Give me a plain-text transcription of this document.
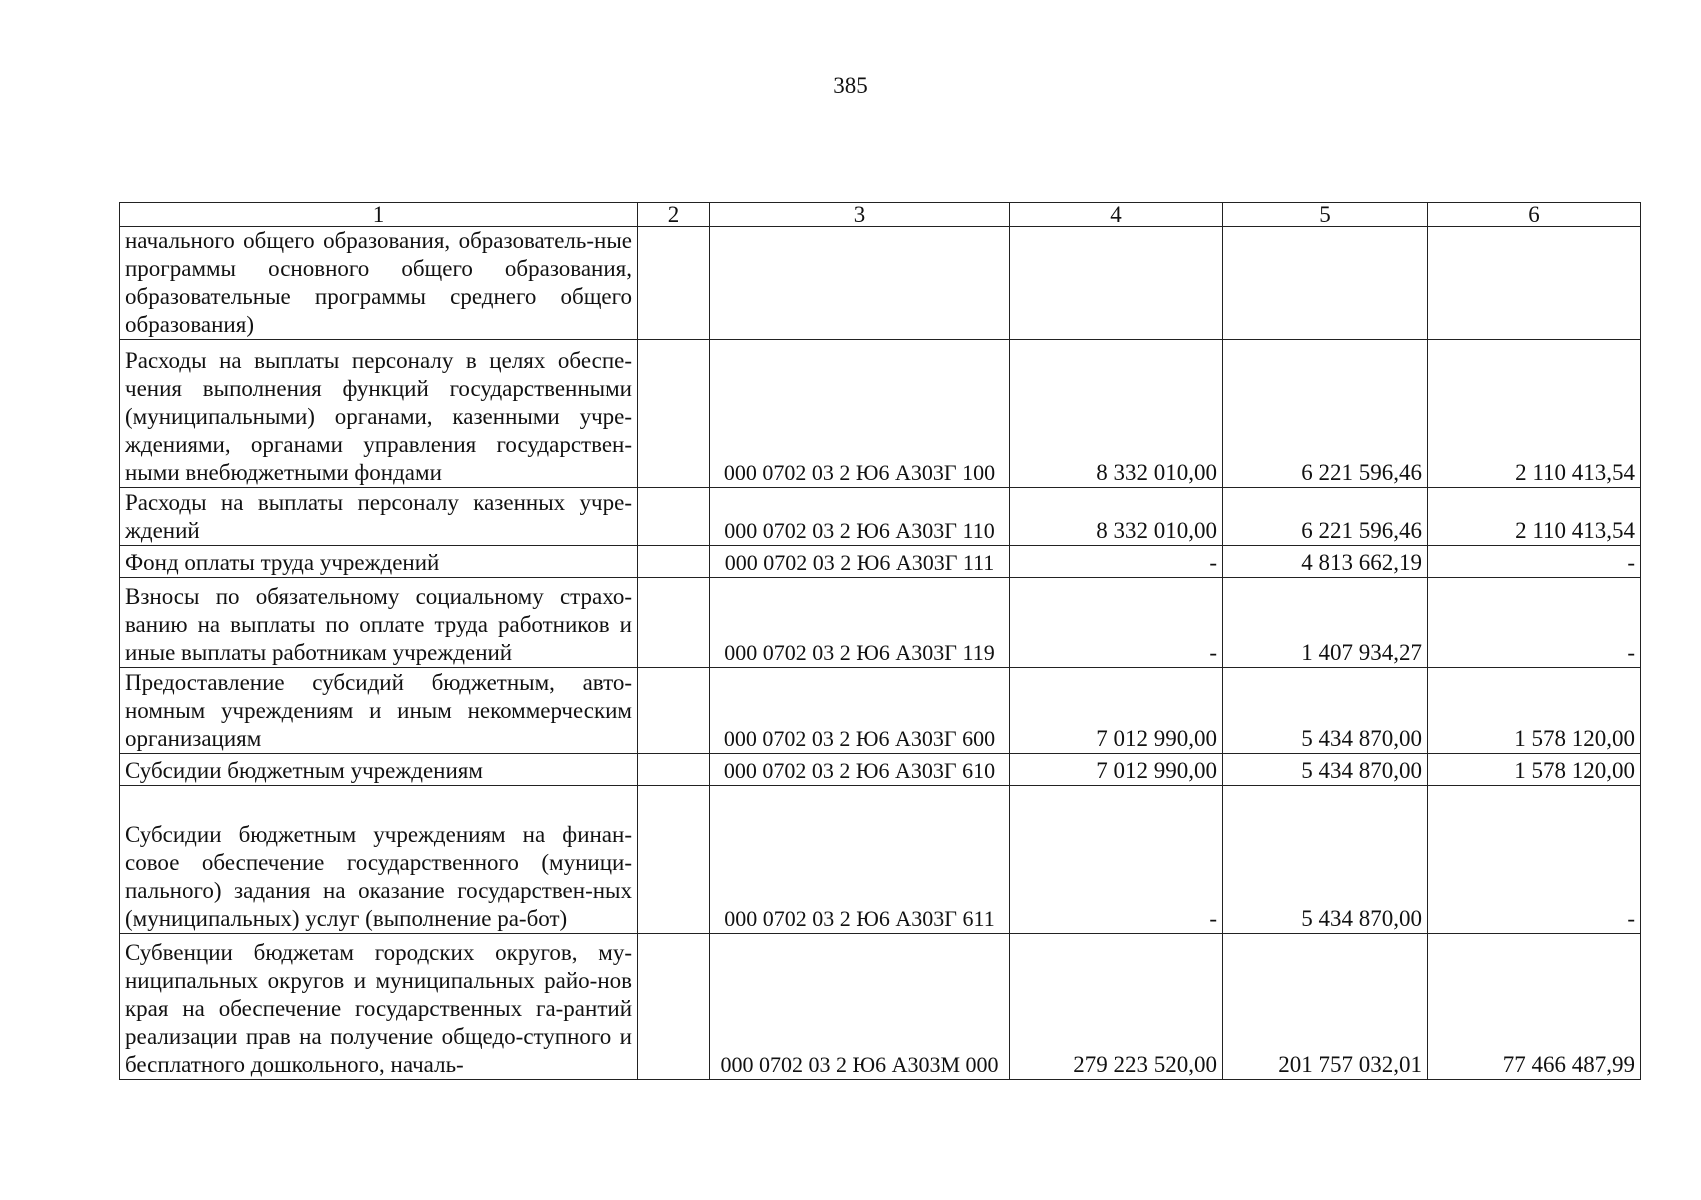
385
1	2	3	4	5	6
начального общего образования, образователь-ные программы основного общего образования, образовательные программы среднего общего образования)					
Расходы на выплаты персоналу в целях обеспе-чения выполнения функций государственными (муниципальными) органами, казенными учре-ждениями, органами управления государствен-ными внебюджетными фондами		000 0702 03 2 Ю6 А303Г 100	8 332 010,00	6 221 596,46	2 110 413,54
Расходы на выплаты персоналу казенных учре-ждений		000 0702 03 2 Ю6 А303Г 110	8 332 010,00	6 221 596,46	2 110 413,54
Фонд оплаты труда учреждений		000 0702 03 2 Ю6 А303Г 111	-	4 813 662,19	-
Взносы по обязательному социальному страхо-ванию на выплаты по оплате труда работников и иные выплаты работникам учреждений		000 0702 03 2 Ю6 А303Г 119	-	1 407 934,27	-
Предоставление субсидий бюджетным, авто-номным учреждениям и иным некоммерческим организациям		000 0702 03 2 Ю6 А303Г 600	7 012 990,00	5 434 870,00	1 578 120,00
Субсидии бюджетным учреждениям		000 0702 03 2 Ю6 А303Г 610	7 012 990,00	5 434 870,00	1 578 120,00
Субсидии бюджетным учреждениям на финан-совое обеспечение государственного (муници-пального) задания на оказание государствен-ных (муниципальных) услуг (выполнение ра-бот)		000 0702 03 2 Ю6 А303Г 611	-	5 434 870,00	-
Субвенции бюджетам городских округов, му-ниципальных округов и муниципальных райо-нов края на обеспечение государственных га-рантий реализации прав на получение общедо-ступного и бесплатного дошкольного, началь-		000 0702 03 2 Ю6 А303М 000	279 223 520,00	201 757 032,01	77 466 487,99
